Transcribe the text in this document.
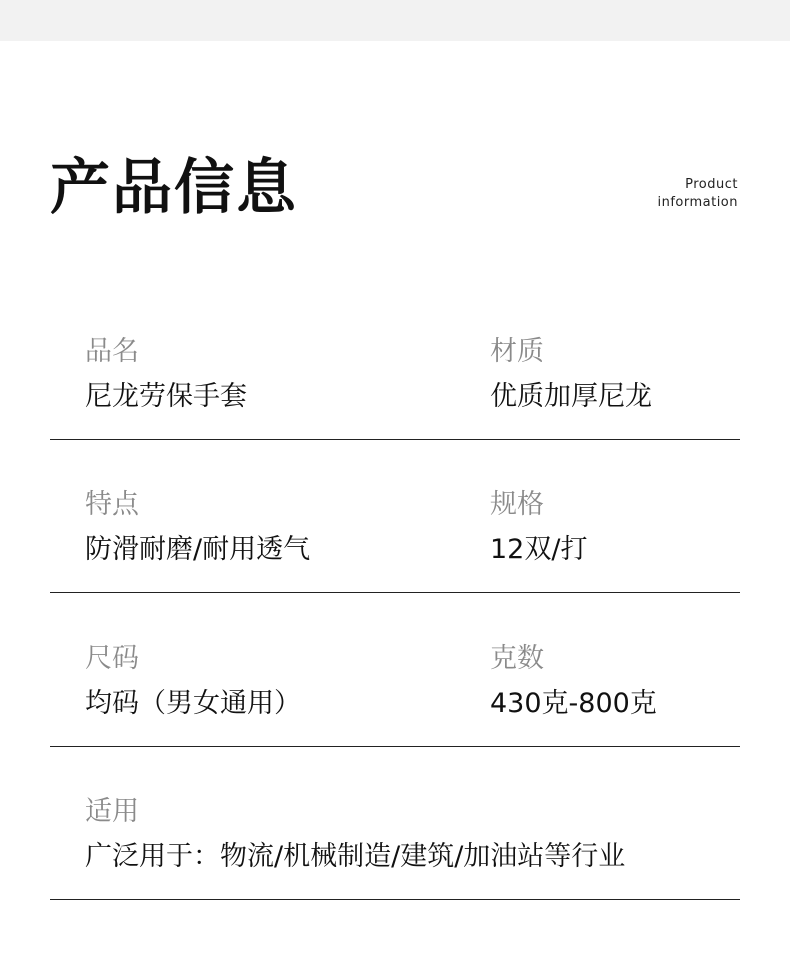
产品信息	Product
information
品名
尼龙劳保手套
材质
优质加厚尼龙
特点
防滑耐磨/耐用透气
规格
12双/打
尺码
均码（男女通用）
克数
430克-800克
适用
广泛用于：物流/机械制造/建筑/加油站等行业
